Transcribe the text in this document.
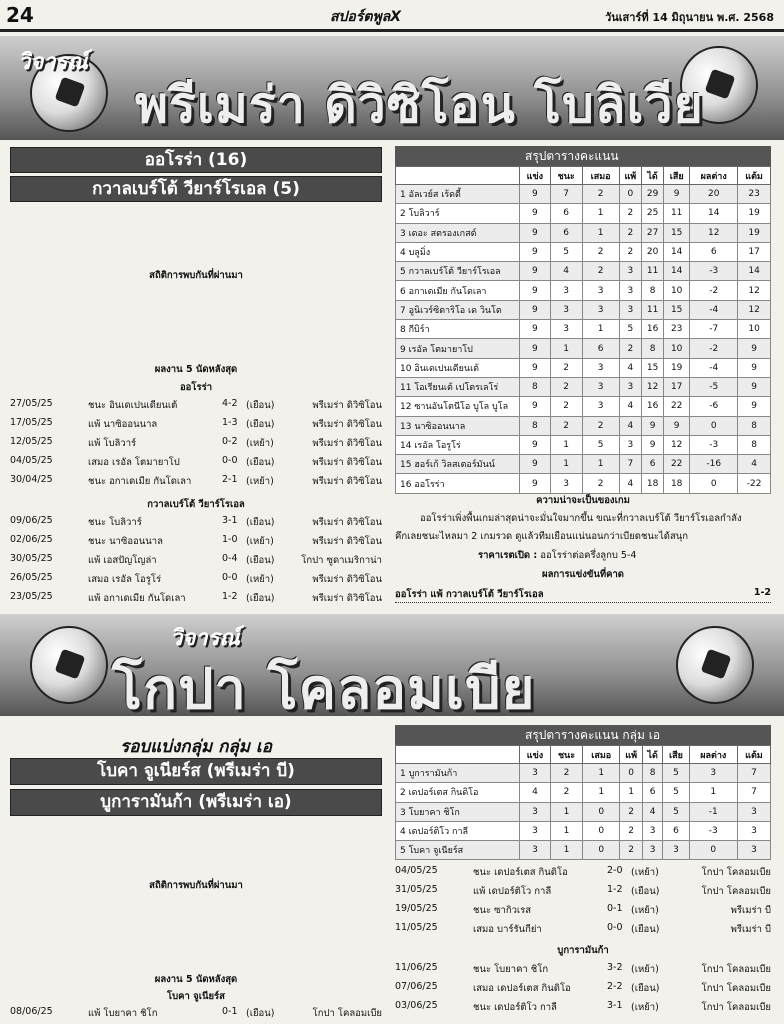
24	สปอร์ตพูลX	วันเสาร์ที่ 14 มิถุนายน พ.ศ. 2568
วิจารณ์
พรีเมร่า ดิวิซิโอน โบลิเวีย
ออโรร่า (16)
กวาลเบร์โต้ วียาร์โรเอล (5)
สถิติการพบกันที่ผ่านมา
ผลงาน 5 นัดหลังสุด
ออโรร่า
27/05/25	ชนะ อินเดเปนเดียนเต้	4-2 (เยือน)	พรีเมร่า ดิวิซิโอน
17/05/25	แพ้ นาซิออนนาล	1-3 (เยือน)	พรีเมร่า ดิวิซิโอน
12/05/25	แพ้ โบลิวาร์	0-2 (เหย้า)	พรีเมร่า ดิวิซิโอน
04/05/25	เสมอ เรอัล โตมายาโป	0-0 (เยือน)	พรีเมร่า ดิวิซิโอน
30/04/25	ชนะ อกาเดเมีย กันโดเลา	2-1 (เหย้า)	พรีเมร่า ดิวิซิโอน
กวาลเบร์โต้ วียาร์โรเอล
09/06/25	ชนะ โบลิวาร์	3-1 (เยือน)	พรีเมร่า ดิวิซิโอน
02/06/25	ชนะ นาซิออนนาล	1-0 (เหย้า)	พรีเมร่า ดิวิซิโอน
30/05/25	แพ้ เอสปัญโญล่า	0-4 (เยือน)	โกปา ซูดาเมริกาน่า
26/05/25	เสมอ เรอัล โอรูโร่	0-0 (เหย้า)	พรีเมร่า ดิวิซิโอน
23/05/25	แพ้ อกาเดเมีย กันโดเลา	1-2 (เยือน)	พรีเมร่า ดิวิซิโอน
สรุปตารางคะแนน
	แข่ง	ชนะ	เสมอ	แพ้	ได้	เสีย	ผลต่าง	แต้ม
1 อัลเวย์ส เร้ดดี้	9	7	2	0	29	9	20	23
2 โบลิวาร์	9	6	1	2	25	11	14	19
3 เดอะ สตรองเกสต์	9	6	1	2	27	15	12	19
4 บลูมิ่ง	9	5	2	2	20	14	6	17
5 กวาลเบร์โต้ วียาร์โรเอล	9	4	2	3	11	14	-3	14
6 อกาเดเมีย กันโดเลา	9	3	3	3	8	10	-2	12
7 อูนิเวร์ซิตาริโอ เด วินโต	9	3	3	3	11	15	-4	12
8 กีบิร์า	9	3	1	5	16	23	-7	10
9 เรอัล โตมายาโป	9	1	6	2	8	10	-2	9
10 อินเดเปนเดียนเต้	9	2	3	4	15	19	-4	9
11 โอเรียนเต้ เปโตรเลโร่	8	2	3	3	12	17	-5	9
12 ซานอันโตนีโอ บูโล บูโล	9	2	3	4	16	22	-6	9
13 นาซิออนนาล	8	2	2	4	9	9	0	8
14 เรอัล โอรูโร่	9	1	5	3	9	12	-3	8
15 ฮอร์เก้ วิลสเตอร์มันน์	9	1	1	7	6	22	-16	4
16 ออโรร่า	9	3	2	4	18	18	0	-22
ความน่าจะเป็นของเกม
ออโรร่าเพิ่งพื้นเกมล่าสุดน่าจะมั่นใจมากขึ้น ขณะที่กวาลเบร์โต้ วียาร์โรเอลกำลัง
คึกเลยชนะไหลมา 2 เกมรวด ดูแล้วทีมเยือนแน่นอนกว่าเบียดชนะได้สนุก
ราคาเรตเปิด : ออโรร่าต่อครึ่งลูกบ 5-4
ผลการแข่งขันที่คาด
ออโรร่า แพ้ กวาลเบร์โต้ วียาร์โรเอล	1-2
วิจารณ์
โกปา โคลอมเบีย
รอบแบ่งกลุ่ม กลุ่ม เอ
โบคา จูเนียร์ส (พรีเมร่า บี)
บูการามันก้า (พรีเมร่า เอ)
สถิติการพบกันที่ผ่านมา
ผลงาน 5 นัดหลังสุด
โบคา จูเนียร์ส
08/06/25	แพ้ โบยาคา ชิโก	0-1 (เยือน)	โกปา โคลอมเบีย
สรุปตารางคะแนน กลุ่ม เอ
	แข่ง	ชนะ	เสมอ	แพ้	ได้	เสีย	ผลต่าง	แต้ม
1 บูการามันก้า	3	2	1	0	8	5	3	7
2 เดปอร์เตส กินดิโอ	4	2	1	1	6	5	1	7
3 โบยาคา ชิโก	3	1	0	2	4	5	-1	3
4 เดปอร์ติโว กาลี	3	1	0	2	3	6	-3	3
5 โบคา จูเนียร์ส	3	1	0	2	3	3	0	3
04/05/25	ชนะ เดปอร์เตส กินดิโอ	2-0 (เหย้า)	โกปา โคลอมเบีย
31/05/25	แพ้ เดปอร์ติโว กาลี	1-2 (เยือน)	โกปา โคลอมเบีย
19/05/25	ชนะ ซากิวเรส	0-1 (เหย้า)	พรีเมร่า บี
11/05/25	เสมอ บาร์รันกีย่า	0-0 (เยือน)	พรีเมร่า บี
บูการามันก้า
11/06/25	ชนะ โบยาคา ชิโก	3-2 (เหย้า)	โกปา โคลอมเบีย
07/06/25	เสมอ เดปอร์เตส กินดิโอ	2-2 (เยือน)	โกปา โคลอมเบีย
03/06/25	ชนะ เดปอร์ติโว กาลี	3-1 (เหย้า)	โกปา โคลอมเบีย
